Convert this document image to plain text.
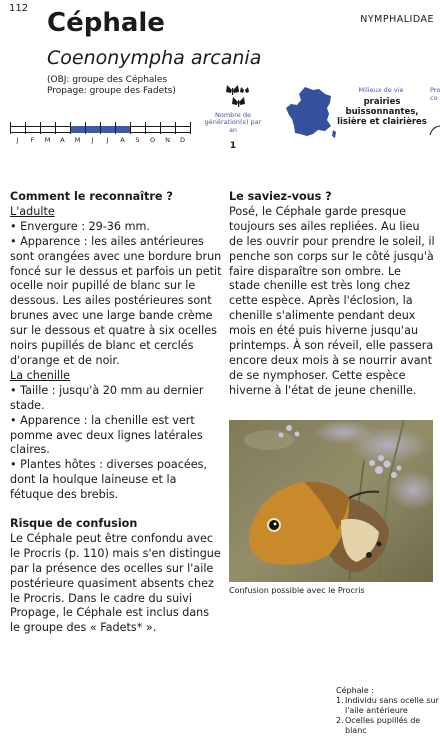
112
NYMPHALIDAE
Céphale
Coenonympha arcania
(OBJ: groupe des Céphales
Propage: groupe des Fadets)
J	F	M	A	M	J	J	A	S	O	N	D
Nombre de génération(s) par an
1
Milieux de vie
prairies buissonnantes, lisière et clairières
Pro co

Comment le reconnaître ?

L'adulte

• Envergure : 29-36 mm.

• Apparence : les ailes antérieures sont orangées avec une bordure brun foncé sur le dessus et parfois un petit ocelle noir pupillé de blanc sur le dessous. Les ailes postérieures sont brunes avec une large bande crème sur le dessous et quatre à six ocelles noirs pupillés de blanc et cerclés d'orange et de noir.

La chenille

• Taille : jusqu'à 20 mm au dernier stade.

• Apparence : la chenille est vert pomme avec deux lignes latérales claires.

• Plantes hôtes : diverses poacées, dont la houlque laineuse et la fétuque des brebis.

Risque de confusion

Le Céphale peut être confondu avec le Procris (p. 110) mais s'en distingue par la présence des ocelles sur l'aile postérieure quasiment absents chez le Procris. Dans le cadre du suivi Propage, le Céphale est inclus dans le groupe des « Fadets* ».

Le saviez-vous ?

Posé, le Céphale garde presque toujours ses ailes repliées. Au lieu de les ouvrir pour prendre le soleil, il penche son corps sur le côté jusqu'à faire disparaître son ombre. Le stade chenille est très long chez cette espèce. Après l'éclosion, la chenille s'alimente pendant deux mois en été puis hiverne jusqu'au printemps. À son réveil, elle passera encore deux mois à se nourrir avant de se nymphoser. Cette espèce hiverne à l'état de jeune chenille.

Confusion possible avec le Procris
Céphale :
1. Individu sans ocelle sur l'aile antérieure
2. Ocelles pupillés de blanc
